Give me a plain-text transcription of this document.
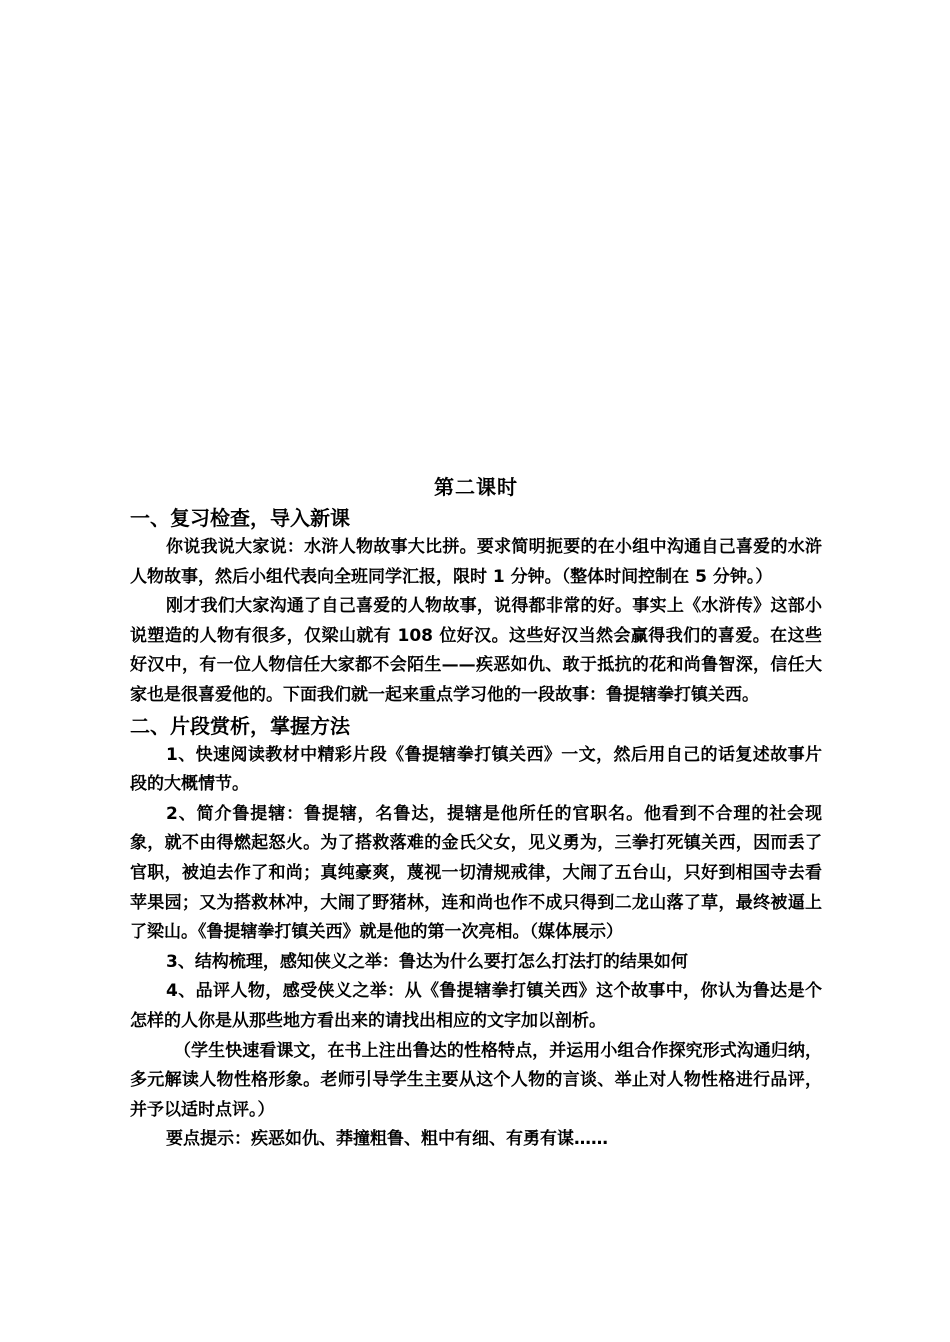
第二课时
一、复习检查，导入新课

你说我说大家说：水浒人物故事大比拼。要求简明扼要的在小组中沟通自己喜爱的水浒人物故事，然后小组代表向全班同学汇报，限时 1 分钟。（整体时间控制在 5 分钟。）

刚才我们大家沟通了自己喜爱的人物故事，说得都非常的好。事实上《水浒传》这部小说塑造的人物有很多，仅梁山就有 108 位好汉。这些好汉当然会赢得我们的喜爱。在这些好汉中，有一位人物信任大家都不会陌生——疾恶如仇、敢于抵抗的花和尚鲁智深，信任大家也是很喜爱他的。下面我们就一起来重点学习他的一段故事：鲁提辖拳打镇关西。

二、片段赏析，掌握方法

1、快速阅读教材中精彩片段《鲁提辖拳打镇关西》一文，然后用自己的话复述故事片段的大概情节。

2、简介鲁提辖：鲁提辖，名鲁达，提辖是他所任的官职名。他看到不合理的社会现象，就不由得燃起怒火。为了搭救落难的金氏父女，见义勇为，三拳打死镇关西，因而丢了官职，被迫去作了和尚；真纯豪爽，蔑视一切清规戒律，大闹了五台山，只好到相国寺去看苹果园；又为搭救林冲，大闹了野猪林，连和尚也作不成只得到二龙山落了草，最终被逼上了梁山。《鲁提辖拳打镇关西》就是他的第一次亮相。（媒体展示）

3、结构梳理，感知侠义之举：鲁达为什么要打怎么打法打的结果如何

4、品评人物，感受侠义之举：从《鲁提辖拳打镇关西》这个故事中，你认为鲁达是个怎样的人你是从那些地方看出来的请找出相应的文字加以剖析。

（学生快速看课文，在书上注出鲁达的性格特点，并运用小组合作探究形式沟通归纳，多元解读人物性格形象。老师引导学生主要从这个人物的言谈、举止对人物性格进行品评，并予以适时点评。）

要点提示：疾恶如仇、莽撞粗鲁、粗中有细、有勇有谋……
